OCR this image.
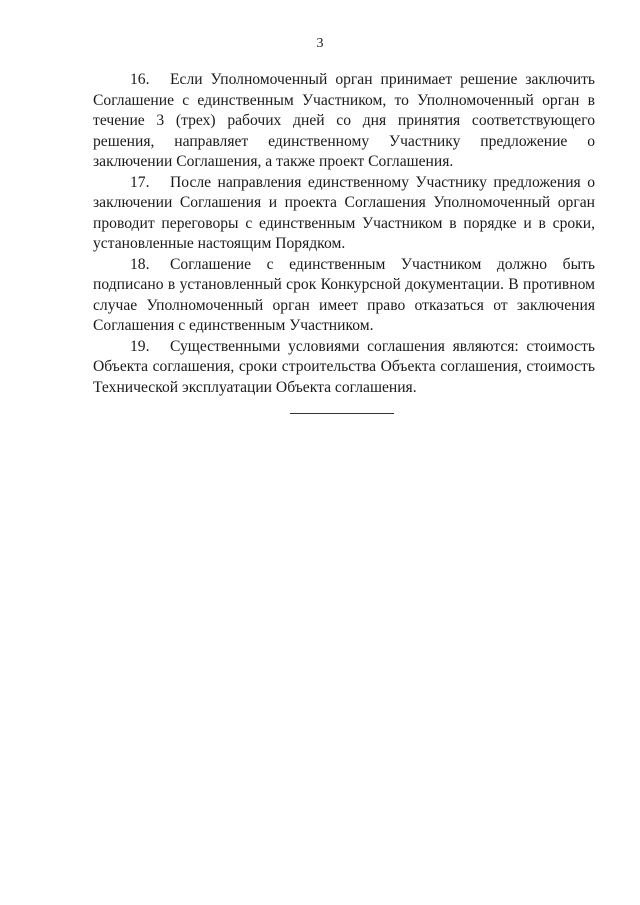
3

16. Если Уполномоченный орган принимает решение заключить Соглашение с единственным Участником, то Уполномоченный орган в течение 3 (трех) рабочих дней со дня принятия соответствующего решения, направляет единственному Участнику предложение о заключении Соглашения, а также проект Соглашения.

17. После направления единственному Участнику предложения о заключении Соглашения и проекта Соглашения Уполномоченный орган проводит переговоры с единственным Участником в порядке и в сроки, установленные настоящим Порядком.

18. Соглашение с единственным Участником должно быть подписано в установленный срок Конкурсной документации. В противном случае Уполномоченный орган имеет право отказаться от заключения Соглашения с единственным Участником.

19. Существенными условиями соглашения являются: стоимость Объекта соглашения, сроки строительства Объекта соглашения, стоимость Технической эксплуатации Объекта соглашения.
